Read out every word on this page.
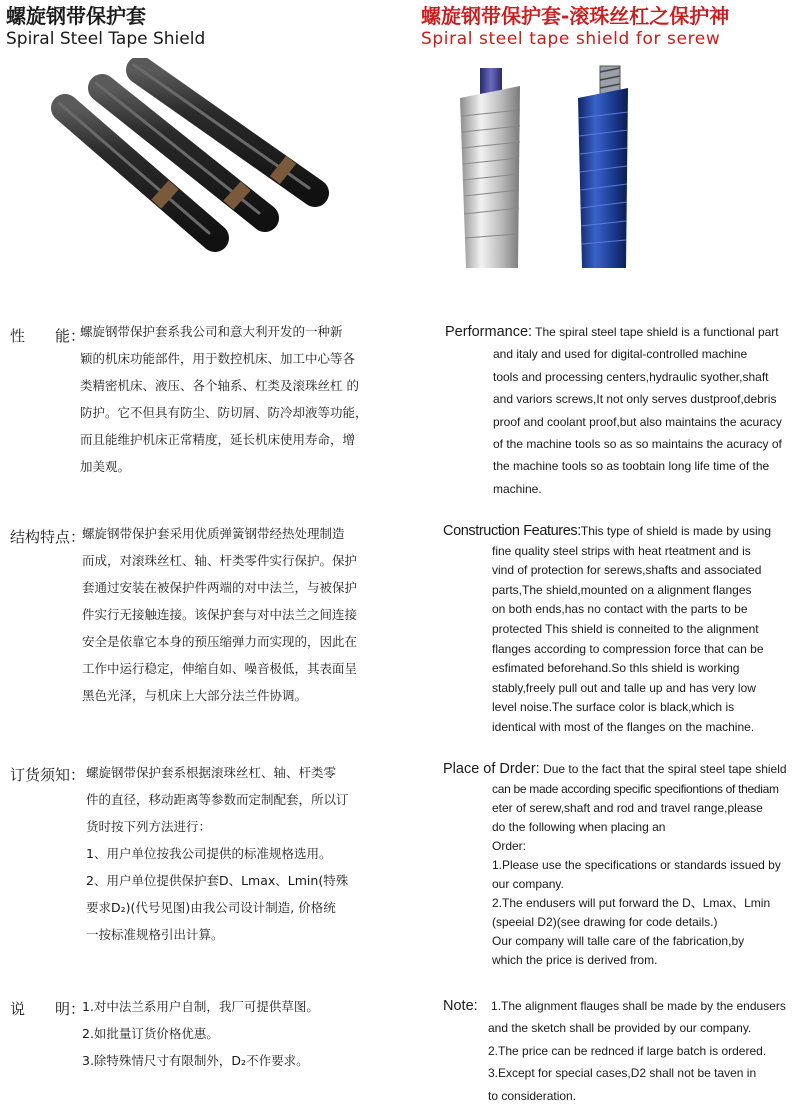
螺旋钢带保护套
Spiral Steel Tape Shield
螺旋钢带保护套-滚珠丝杠之保护神
Spiral steel tape shield for serew
性　　能：
螺旋钢带保护套系我公司和意大利开发的一种新
颖的机床功能部件，用于数控机床、加工中心等各
类精密机床、液压、各个轴系、杠类及滚珠丝杠 的
防护。它不但具有防尘、防切屑、防冷却液等功能，
而且能维护机床正常精度，延长机床使用寿命，增
加美观。
结构特点：
螺旋钢带保护套采用优质弹簧钢带经热处理制造
而成，对滚珠丝杠、轴、杆类零件实行保护。保护
套通过安装在被保护件两端的对中法兰，与被保护
件实行无接触连接。该保护套与对中法兰之间连接
安全是依靠它本身的预压缩弹力而实现的，因此在
工作中运行稳定，伸缩自如、噪音极低，其表面呈
黑色光泽，与机床上大部分法兰件协调。
订货须知： 螺旋钢带保护套系根据滚珠丝杠、轴、杆类零
件的直径，移动距离等参数而定制配套，所以订
货时按下列方法进行：
1、用户单位按我公司提供的标准规格选用。
2、用户单位提供保护套D、Lmax、Lmin(特殊
要求D₂)(代号见图)由我公司设计制造, 价格统
一按标准规格引出计算。
说　　明：
1.对中法兰系用户自制，我厂可提供草图。
2.如批量订货价格优惠。
3.除特殊情尺寸有限制外，D₂不作要求。
Performance: The spiral steel tape shield is a functional part
and italy and used for digital-controlled machine
tools and processing centers,hydraulic syother,shaft
and variors screws,It not only serves dustproof,debris
proof and coolant proof,but also maintains the acuracy
of the machine tools so as so maintains the acuracy of
the machine tools so as toobtain long life time of the
machine.
Construction Features:This type of shield is made by using
fine quality steel strips with heat rteatment and is
vind of protection for serews,shafts and associated
parts,The shield,mounted on a alignment flanges
on both ends,has no contact with the parts to be
protected This shield is conneited to the alignment
flanges according to compression force that can be
esfimated beforehand.So thls shield is working
stably,freely pull out and talle up and has very low
level noise.The surface color is black,which is
identical with most of the flanges on the machine.
Place of Drder: Due to the fact that the spiral steel tape shield
can be made according specific specifiontions of thediam
eter of serew,shaft and rod and travel range,please
do the following when placing an
Order:
1.Please use the specifications or standards issued by
our company.
2.The endusers will put forward the D、Lmax、Lmin
(speeial D2)(see drawing for code details.)
Our company will talle care of the fabrication,by
which the price is derived from.
Note: 1.The alignment flauges shall be made by the endusers
and the sketch shall be provided by our company.
2.The price can be rednced if large batch is ordered.
3.Except for special cases,D2 shall not be taven in
to consideration.
